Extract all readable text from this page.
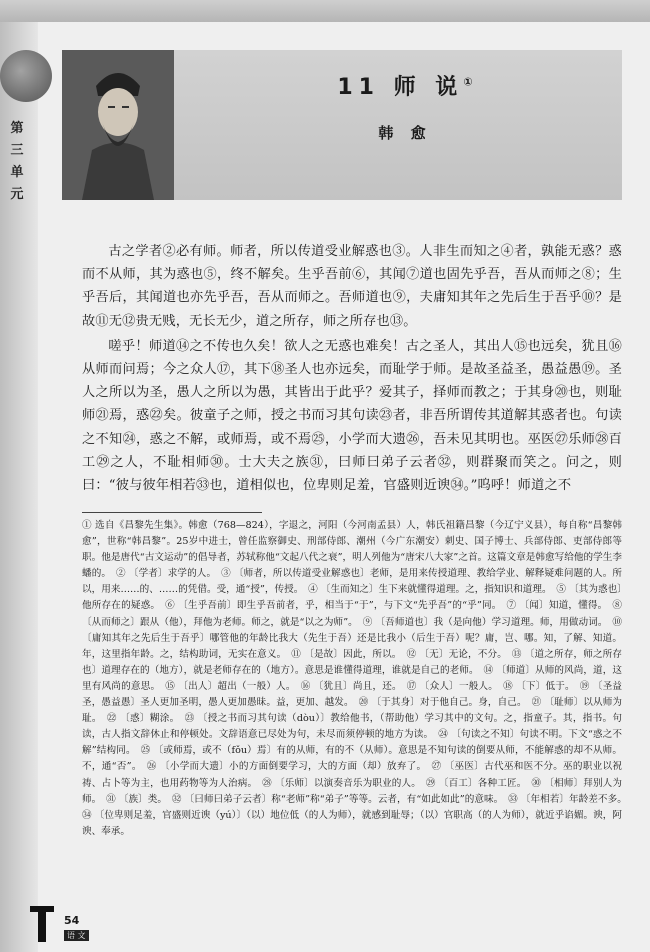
第
三
单
元
11 师 说①
韩 愈

古之学者②必有师。师者，所以传道受业解惑也③。人非生而知之④者，孰能无惑？惑而不从师，其为惑也⑤，终不解矣。生乎吾前⑥，其闻⑦道也固先乎吾，吾从而师之⑧；生乎吾后，其闻道也亦先乎吾，吾从而师之。吾师道也⑨，夫庸知其年之先后生于吾乎⑩？是故⑪无⑫贵无贱，无长无少，道之所存，师之所存也⑬。

嗟乎！师道⑭之不传也久矣！欲人之无惑也难矣！古之圣人，其出人⑮也远矣，犹且⑯从师而问焉；今之众人⑰，其下⑱圣人也亦远矣，而耻学于师。是故圣益圣，愚益愚⑲。圣人之所以为圣，愚人之所以为愚，其皆出于此乎？爱其子，择师而教之；于其身⑳也，则耻师㉑焉，惑㉒矣。彼童子之师，授之书而习其句读㉓者，非吾所谓传其道解其惑者也。句读之不知㉔，惑之不解，或师焉，或不焉㉕，小学而大遗㉖，吾未见其明也。巫医㉗乐师㉘百工㉙之人，不耻相师㉚。士大夫之族㉛，曰师曰弟子云者㉜，则群聚而笑之。问之，则曰：“彼与彼年相若㉝也，道相似也，位卑则足羞，官盛则近谀㉞。”呜呼！师道之不

① 选自《昌黎先生集》。韩愈（768—824），字退之，河阳（今河南孟县）人，韩氏祖籍昌黎（今辽宁义县），每自称“昌黎韩愈”，世称“韩昌黎”。25岁中进士，曾任监察御史、刑部侍郎、潮州（今广东潮安）刺史、国子博士、兵部侍郎、吏部侍郎等职。他是唐代“古文运动”的倡导者，苏轼称他“文起八代之衰”，明人列他为“唐宋八大家”之首。这篇文章是韩愈写给他的学生李蟠的。　② 〔学者〕求学的人。　③ 〔师者，所以传道受业解惑也〕老师，是用来传授道理、教给学业、解释疑难问题的人。所以，用来……的、……的凭借。受，通“授”，传授。　④ 〔生而知之〕生下来就懂得道理。之，指知识和道理。　⑤ 〔其为惑也〕他所存在的疑惑。　⑥ 〔生乎吾前〕即生乎吾前者，乎，相当于“于”，与下文“先乎吾”的“乎”同。　⑦ 〔闻〕知道，懂得。　⑧ 〔从而师之〕跟从（他），拜他为老师。师之，就是“以之为师”。　⑨ 〔吾师道也〕我（是向他）学习道理。师，用做动词。　⑩ 〔庸知其年之先后生于吾乎〕哪管他的年龄比我大（先生于吾）还是比我小（后生于吾）呢？庸，岂、哪。知，了解、知道。年，这里指年龄。之，结构助词，无实在意义。　⑪ 〔是故〕因此，所以。　⑫ 〔无〕无论，不分。　⑬ 〔道之所存，师之所存也〕道理存在的（地方），就是老师存在的（地方）。意思是谁懂得道理，谁就是自己的老师。　⑭ 〔师道〕从师的风尚，道，这里有风尚的意思。　⑮ 〔出人〕超出（一般）人。　⑯ 〔犹且〕尚且，还。　⑰ 〔众人〕一般人。　⑱ 〔下〕低于。　⑲ 〔圣益圣，愚益愚〕圣人更加圣明，愚人更加愚昧。益，更加、越发。　⑳ 〔于其身〕对于他自己。身，自己。　㉑ 〔耻师〕以从师为耻。　㉒ 〔惑〕糊涂。　㉓ 〔授之书而习其句读（dòu）〕教给他书，（帮助他）学习其中的文句。之，指童子。其，指书。句读，古人指文辞休止和停顿处。文辞语意已尽处为句，未尽而须停顿的地方为读。　㉔ 〔句读之不知〕句读不明。下文“惑之不解”结构同。　㉕ 〔或师焉，或不（fǒu）焉〕有的从师，有的不（从师）。意思是不知句读的倒要从师，不能解惑的却不从师。不，通“否”。　㉖ 〔小学而大遗〕小的方面倒要学习，大的方面（却）放弃了。　㉗ 〔巫医〕古代巫和医不分。巫的职业以祝祷、占卜等为主，也用药物等为人治病。　㉘ 〔乐师〕以演奏音乐为职业的人。　㉙ 〔百工〕各种工匠。　㉚ 〔相师〕拜别人为师。　㉛ 〔族〕类。　㉜ 〔曰师曰弟子云者〕称“老师”称“弟子”等等。云者，有“如此如此”的意味。　㉝ 〔年相若〕年龄差不多。　㉞ 〔位卑则足羞，官盛则近谀（yú）〕（以）地位低（的人为师），就感到耻辱；（以）官职高（的人为师），就近乎谄媚。谀，阿谀、奉承。

54
语 文
